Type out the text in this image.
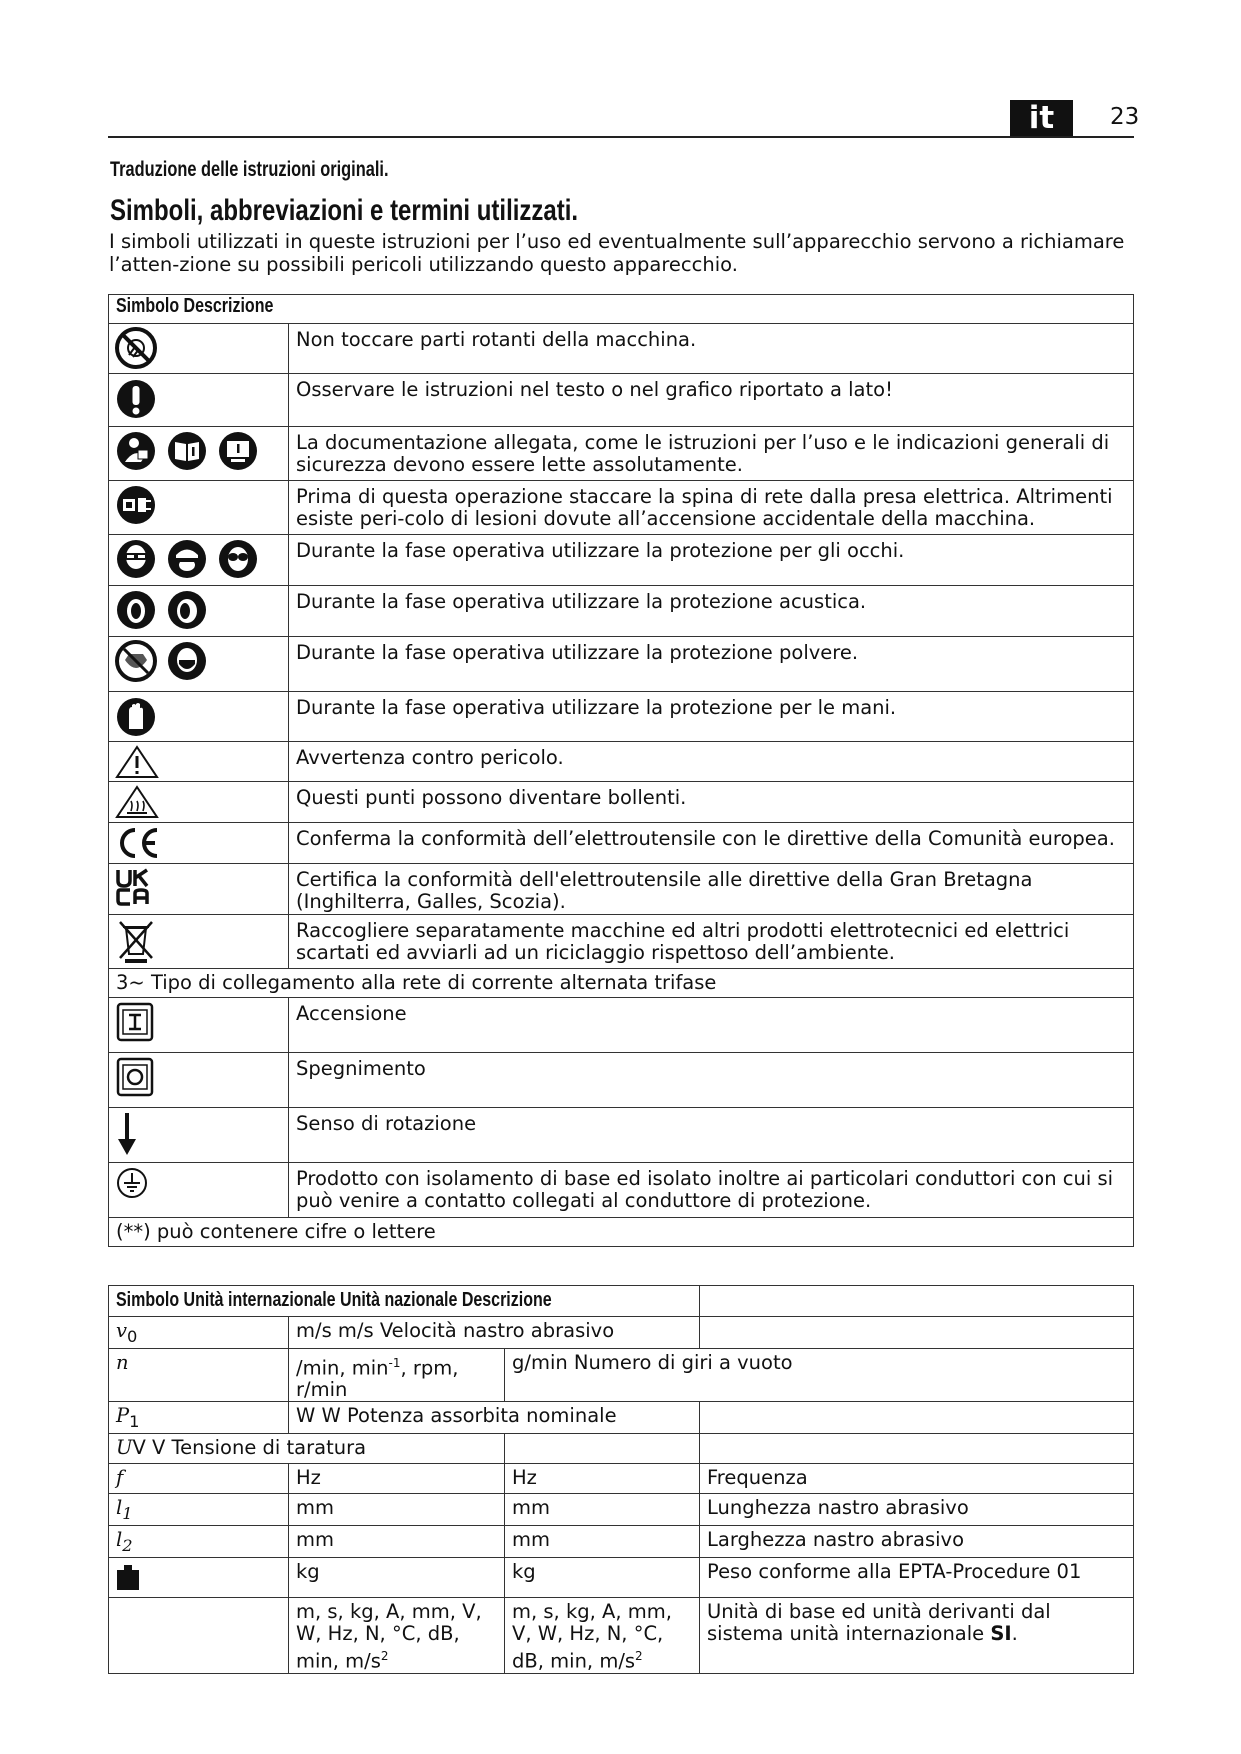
it	23
Traduzione delle istruzioni originali.
Simboli, abbreviazioni e termini utilizzati.
I simboli utilizzati in queste istruzioni per l’uso ed eventualmente sull’apparecchio servono a richiamare l’atten-zione su possibili pericoli utilizzando questo apparecchio.
Simbolo Descrizione	
	Non toccare parti rotanti della macchina.
	Osservare le istruzioni nel testo o nel grafico riportato a lato!
	La documentazione allegata, come le istruzioni per l’uso e le indicazioni generali di sicurezza devono essere lette assolutamente.
	Prima di questa operazione staccare la spina di rete dalla presa elettrica. Altrimenti esiste peri-colo di lesioni dovute all’accensione accidentale della macchina.
	Durante la fase operativa utilizzare la protezione per gli occhi.
	Durante la fase operativa utilizzare la protezione acustica.
	Durante la fase operativa utilizzare la protezione polvere.
	Durante la fase operativa utilizzare la protezione per le mani.
	Avvertenza contro pericolo.
	Questi punti possono diventare bollenti.
	Conferma la conformità dell’elettroutensile con le direttive della Comunità europea.
	Certifica la conformità dell'elettroutensile alle direttive della Gran Bretagna (Inghilterra, Galles, Scozia).
	Raccogliere separatamente macchine ed altri prodotti elettrotecnici ed elettrici scartati ed avviarli ad un riciclaggio rispettoso dell’ambiente.
3~ Tipo di collegamento alla rete di corrente alternata trifase	
	Accensione
	Spegnimento
	Senso di rotazione
	Prodotto con isolamento di base ed isolato inoltre ai particolari conduttori con cui si può venire a contatto collegati al conduttore di protezione.
(**) può contenere cifre o lettere	
Simbolo Unità internazionale Unità nazionale Descrizione			
$v_0$	m/s m/s Velocità nastro abrasivo		
n	/min, $\min^{-1}$, rpm, r/min	g/min Numero di giri a vuoto	
$P_1$	W W Potenza assorbita nominale		
UV V Tensione di taratura			
f	Hz	Hz	Frequenza
$l_1$	mm	mm	Lunghezza nastro abrasivo
$l_2$	mm	mm	Larghezza nastro abrasivo
	kg	kg	Peso conforme alla EPTA-Procedure 01
	m, s, kg, A, mm, V, W, Hz, N, °C, dB, min, $m/s^2$	m, s, kg, A, mm, V, W, Hz, N, °C, dB, min, $m/s^2$	Unità di base ed unità derivanti dal sistema unità internazionale SI.
